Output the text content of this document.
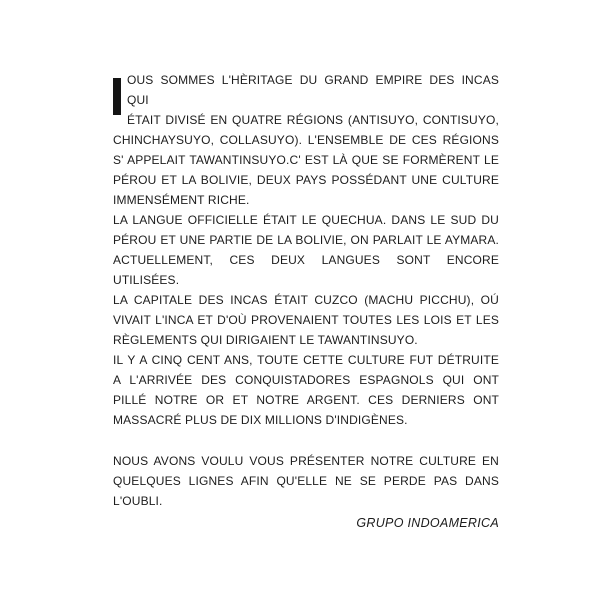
OUS SOMMES L'HÈRITAGE DU GRAND EMPIRE DES INCAS QUI
ÉTAIT DIVISÉ EN QUATRE RÉGIONS (ANTISUYO, CONTISUYO,
CHINCHAYSUYO, COLLASUYO). L'ENSEMBLE DE CES RÉGIONS
S' APPELAIT TAWANTINSUYO.C' EST LÀ QUE SE FORMÈRENT LE
PÉROU ET LA BOLIVIE, DEUX PAYS POSSÉDANT UNE CULTURE
IMMENSÉMENT RICHE.

LA LANGUE OFFICIELLE ÉTAIT LE QUECHUA. DANS LE SUD DU
PÉROU ET UNE PARTIE DE LA BOLIVIE, ON PARLAIT LE AYMARA.
ACTUELLEMENT, CES DEUX LANGUES SONT ENCORE
UTILISÉES.

LA CAPITALE DES INCAS ÉTAIT CUZCO (MACHU PICCHU), OÚ
VIVAIT L'INCA ET D'OÙ PROVENAIENT TOUTES LES LOIS ET LES
RÈGLEMENTS QUI DIRIGAIENT LE TAWANTINSUYO.

IL Y A CINQ CENT ANS, TOUTE CETTE CULTURE FUT DÉTRUITE
A L'ARRIVÉE DES CONQUISTADORES ESPAGNOLS QUI ONT
PILLÉ NOTRE OR ET NOTRE ARGENT. CES DERNIERS ONT
MASSACRÉ PLUS DE DIX MILLIONS D'INDIGÈNES.

NOUS AVONS VOULU VOUS PRÉSENTER NOTRE CULTURE EN
QUELQUES LIGNES AFIN QU'ELLE NE SE PERDE PAS DANS
L'OUBLI.

GRUPO INDOAMERICA
